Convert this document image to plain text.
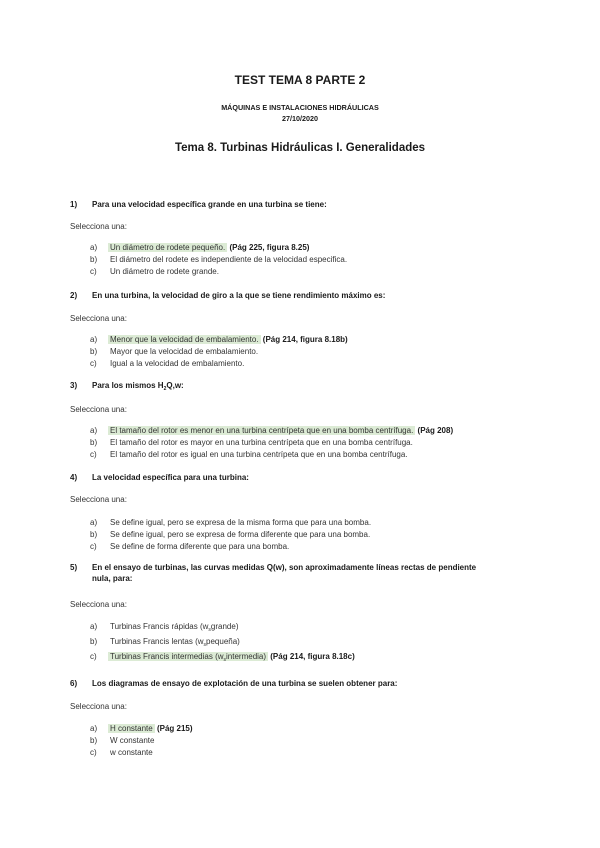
TEST TEMA 8 PARTE 2
MÁQUINAS E INSTALACIONES HIDRÁULICAS
27/10/2020
Tema 8. Turbinas Hidráulicas I. Generalidades
1) Para una velocidad específica grande en una turbina se tiene:
Selecciona una:
a) Un diámetro de rodete pequeño. (Pág 225, figura 8.25)
b) El diámetro del rodete es independiente de la velocidad especifica.
c) Un diámetro de rodete grande.
2) En una turbina, la velocidad de giro a la que se tiene rendimiento máximo es:
Selecciona una:
a) Menor que la velocidad de embalamiento. (Pág 214, figura 8.18b)
b) Mayor que la velocidad de embalamiento.
c) Igual a la velocidad de embalamiento.
3) Para los mismos $H_2Q,w$:
Selecciona una:
a) El tamaño del rotor es menor en una turbina centrípeta que en una bomba centrífuga. (Pág 208)
b) El tamaño del rotor es mayor en una turbina centrípeta que en una bomba centrífuga.
c) El tamaño del rotor es igual en una turbina centrípeta que en una bomba centrífuga.
4) La velocidad específica para una turbina:
Selecciona una:
a) Se define igual, pero se expresa de la misma forma que para una bomba.
b) Se define igual, pero se expresa de forma diferente que para una bomba.
c) Se define de forma diferente que para una bomba.
5) En el ensayo de turbinas, las curvas medidas Q(w), son aproximadamente líneas rectas de pendiente
nula, para:
Selecciona una:
a) Turbinas Francis rápidas $(w_sgrande)$
b) Turbinas Francis lentas $(w_spequeña)$
c) Turbinas Francis intermedias $(w_sintermedia)$ (Pág 214, figura 8.18c)
6) Los diagramas de ensayo de explotación de una turbina se suelen obtener para:
Selecciona una:
a) H constante (Pág 215)
b) W constante
c) w constante
